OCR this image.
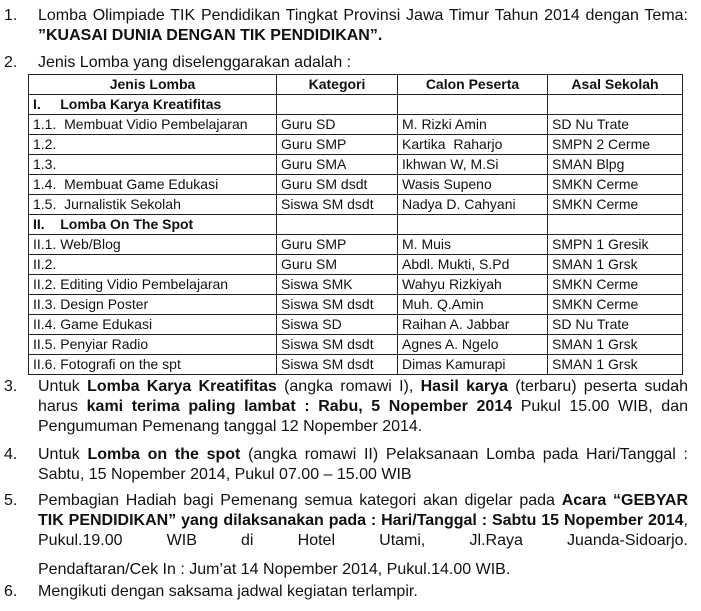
1.	Lomba Olimpiade TIK Pendidikan Tingkat Provinsi Jawa Timur Tahun 2014 dengan Tema: ”KUASAI DUNIA DENGAN TIK PENDIDIKAN”.
2.	Jenis Lomba yang diselenggarakan adalah :
Jenis Lomba	Kategori	Calon Peserta	Asal Sekolah
I.     Lomba Karya Kreatifitas			
1.1.  Membuat Vidio Pembelajaran	Guru SD	M. Rizki Amin	SD Nu Trate
1.2.	Guru SMP	Kartika  Raharjo	SMPN 2 Cerme
1.3.	Guru SMA	Ikhwan W, M.Si	SMAN Blpg
1.4.  Membuat Game Edukasi	Guru SM dsdt	Wasis Supeno	SMKN Cerme
1.5.  Jurnalistik Sekolah	Siswa SM dsdt	Nadya D. Cahyani	SMKN Cerme
II.    Lomba On The Spot			
II.1. Web/Blog	Guru SMP	M. Muis	SMPN 1 Gresik
II.2.	Guru SM	Abdl. Mukti, S.Pd	SMAN 1 Grsk
II.2. Editing Vidio Pembelajaran	Siswa SMK	Wahyu Rizkiyah	SMKN Cerme
II.3. Design Poster	Siswa SM dsdt	Muh. Q.Amin	SMKN Cerme
II.4. Game Edukasi	Siswa SD	Raihan A. Jabbar	SD Nu Trate
II.5. Penyiar Radio	Siswa SM dsdt	Agnes A. Ngelo	SMAN 1 Grsk
II.6. Fotografi on the spt	Siswa SM dsdt	Dimas Kamurapi	SMAN 1 Grsk
3.	Untuk Lomba Karya Kreatifitas (angka romawi I), Hasil karya (terbaru) peserta sudah harus kami terima paling lambat : Rabu, 5 Nopember 2014 Pukul 15.00 WIB, dan Pengumuman Pemenang tanggal 12 Nopember 2014.
4.	Untuk Lomba on the spot (angka romawi II) Pelaksanaan Lomba pada Hari/Tanggal : Sabtu, 15 Nopember 2014, Pukul 07.00 – 15.00 WIB
5.	Pembagian Hadiah bagi Pemenang semua kategori akan digelar pada Acara “GEBYAR TIK PENDIDIKAN” yang dilaksanakan pada : Hari/Tanggal : Sabtu 15 Nopember 2014, Pukul.19.00 WIB di Hotel Utami, Jl.Raya Juanda-Sidoarjo.
Pendaftaran/Cek In : Jum’at 14 Nopember 2014, Pukul.14.00 WIB.
6.	Mengikuti dengan saksama jadwal kegiatan terlampir.
